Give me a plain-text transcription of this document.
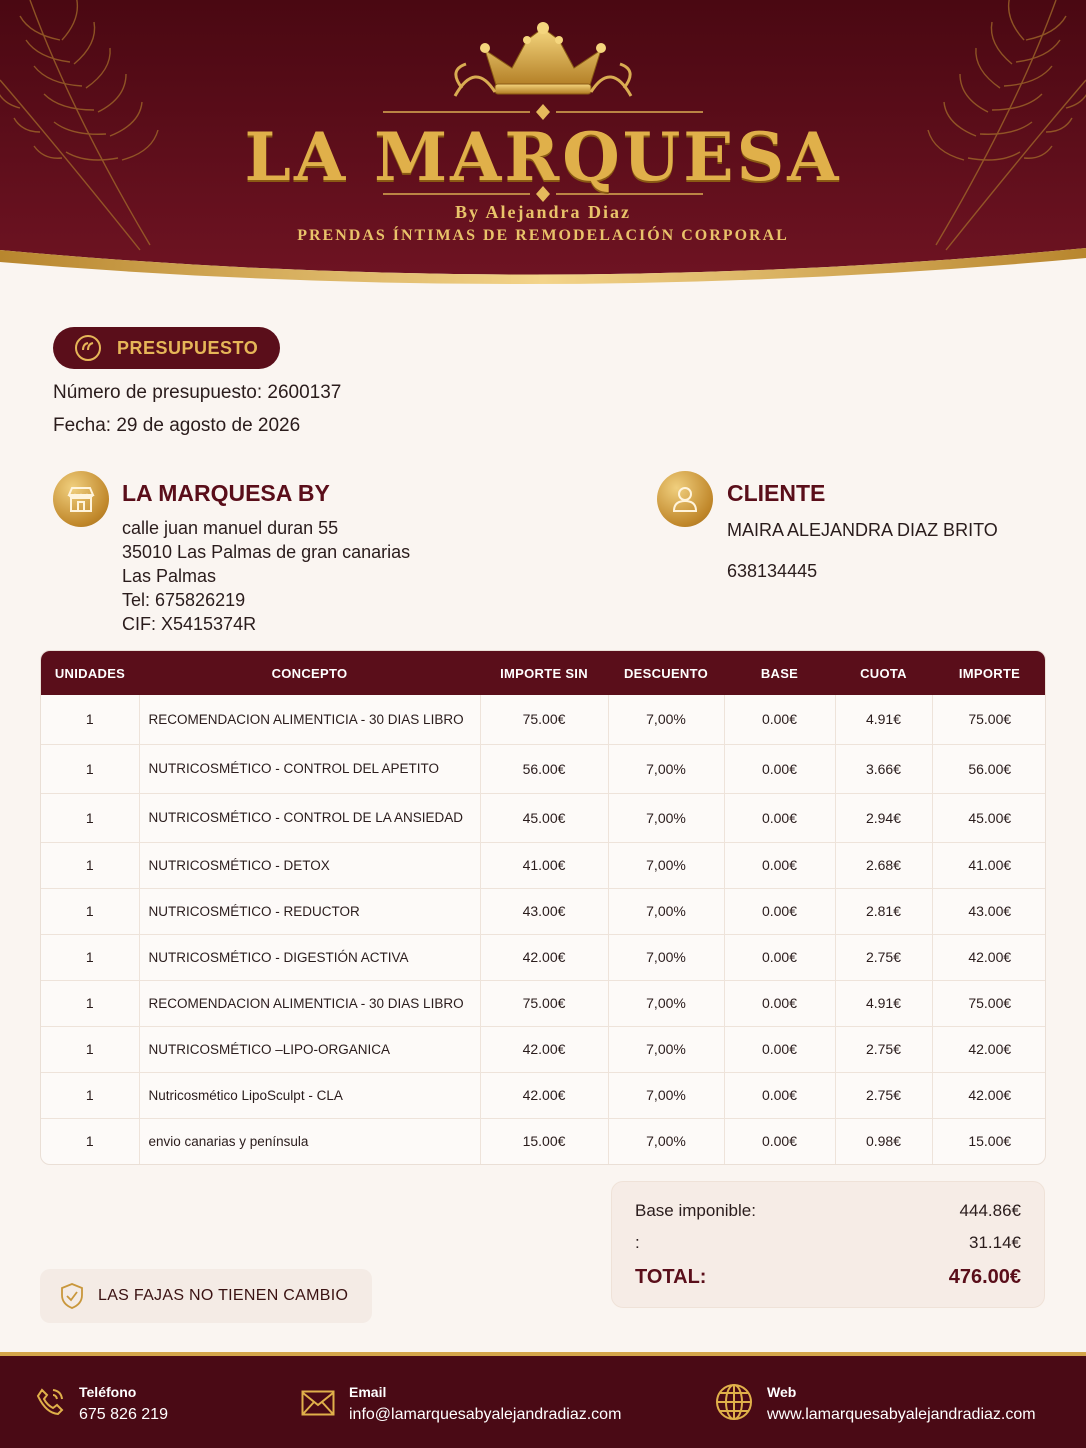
LA MARQUESA
By Alejandra Diaz
PRENDAS ÍNTIMAS DE REMODELACIÓN CORPORAL
PRESUPUESTO
Número de presupuesto: 2600137
Fecha: 29 de agosto de 2026
LA MARQUESA BY
calle juan manuel duran 55
35010 Las Palmas de gran canarias
Las Palmas
Tel: 675826219
CIF: X5415374R
CLIENTE
MAIRA ALEJANDRA DIAZ BRITO
638134445
UNIDADES	CONCEPTO	IMPORTE SIN	DESCUENTO	BASE	CUOTA	IMPORTE
1	RECOMENDACION ALIMENTICIA - 30 DIAS LIBRO	75.00€	7,00%	0.00€	4.91€	75.00€
1	NUTRICOSMÉTICO - CONTROL DEL APETITO	56.00€	7,00%	0.00€	3.66€	56.00€
1	NUTRICOSMÉTICO - CONTROL DE LA ANSIEDAD	45.00€	7,00%	0.00€	2.94€	45.00€
1	NUTRICOSMÉTICO - DETOX	41.00€	7,00%	0.00€	2.68€	41.00€
1	NUTRICOSMÉTICO - REDUCTOR	43.00€	7,00%	0.00€	2.81€	43.00€
1	NUTRICOSMÉTICO - DIGESTIÓN ACTIVA	42.00€	7,00%	0.00€	2.75€	42.00€
1	RECOMENDACION ALIMENTICIA - 30 DIAS LIBRO	75.00€	7,00%	0.00€	4.91€	75.00€
1	NUTRICOSMÉTICO –LIPO-ORGANICA	42.00€	7,00%	0.00€	2.75€	42.00€
1	Nutricosmético LipoSculpt - CLA	42.00€	7,00%	0.00€	2.75€	42.00€
1	envio canarias y península	15.00€	7,00%	0.00€	0.98€	15.00€
LAS FAJAS NO TIENEN CAMBIO
Base imponible:	444.86€
:	31.14€
TOTAL:	476.00€
Teléfono
675 826 219
Email
info@lamarquesabyalejandradiaz.com
Web
www.lamarquesabyalejandradiaz.com
